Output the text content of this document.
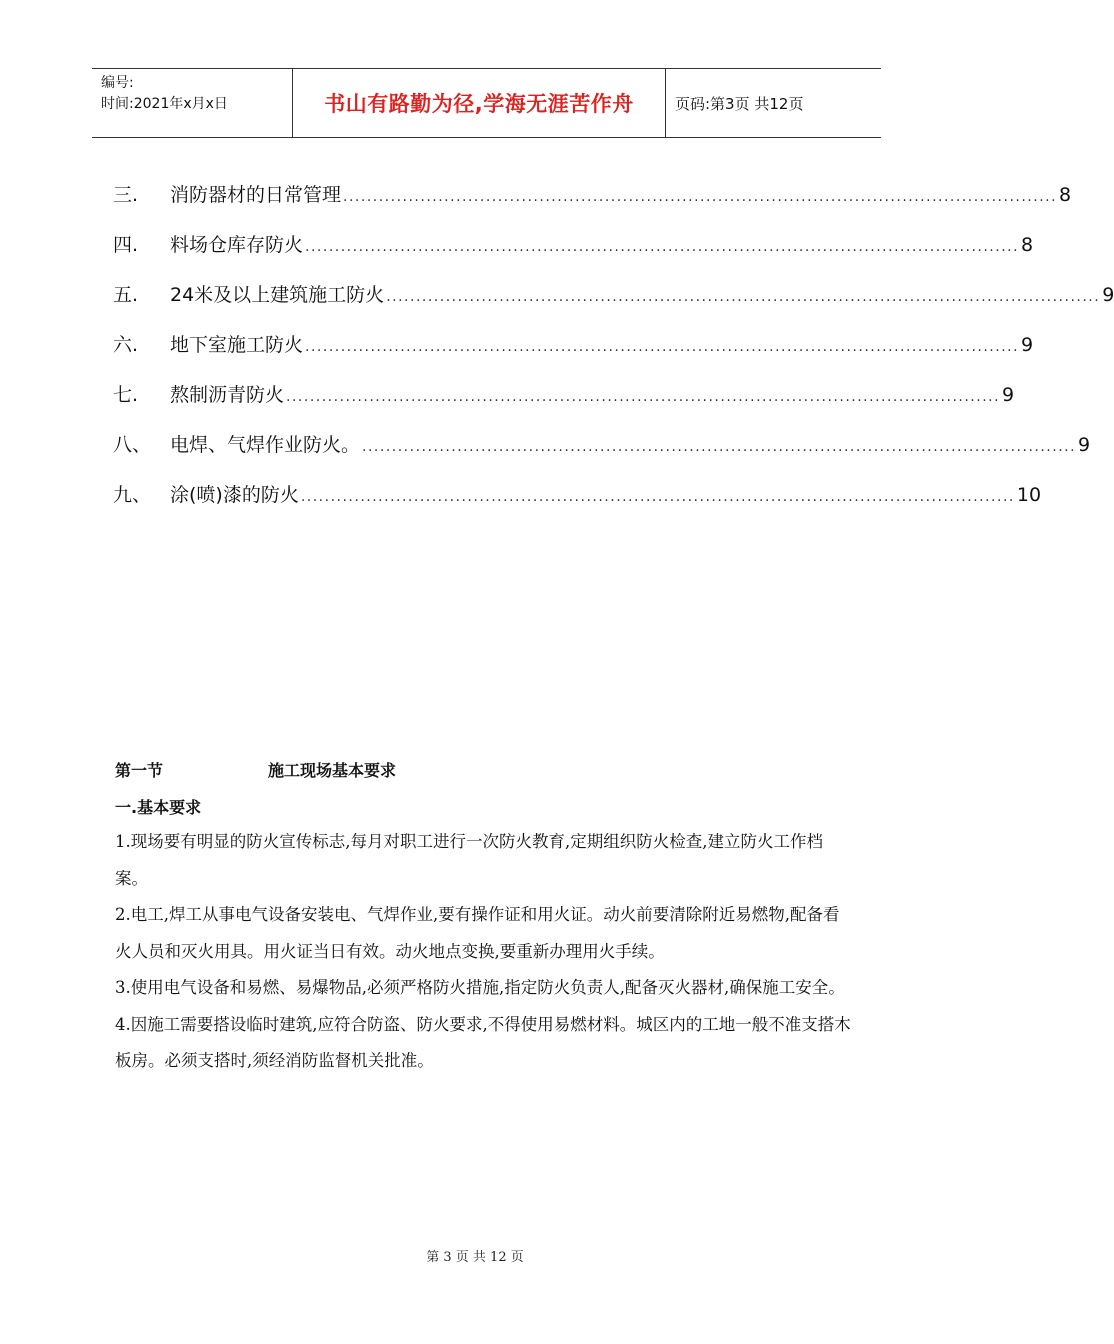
编号:
时间:2021年x月x日	书山有路勤为径,学海无涯苦作舟	页码:第3页 共12页
三.	消防器材的日常管理 ........................................................................................................................ 8
四.	料场仓库存防火 ........................................................................................................................ 8
五.	24米及以上建筑施工防火 ........................................................................................................................ 9
六.	地下室施工防火 ........................................................................................................................ 9
七.	熬制沥青防火 ........................................................................................................................ 9
八、 电焊、气焊作业防火。 ........................................................................................................................ 9
九、 涂(喷)漆的防火 ........................................................................................................................ 10
第一节	施工现场基本要求
一.基本要求

1.现场要有明显的防火宣传标志,每月对职工进行一次防火教育,定期组织防火检查,建立防火工作档案。

2.电工,焊工从事电气设备安装电、气焊作业,要有操作证和用火证。动火前要清除附近易燃物,配备看火人员和灭火用具。用火证当日有效。动火地点变换,要重新办理用火手续。

3.使用电气设备和易燃、易爆物品,必须严格防火措施,指定防火负责人,配备灭火器材,确保施工安全。

4.因施工需要搭设临时建筑,应符合防盗、防火要求,不得使用易燃材料。城区内的工地一般不准支搭木板房。必须支搭时,须经消防监督机关批准。

第 3 页 共 12 页
